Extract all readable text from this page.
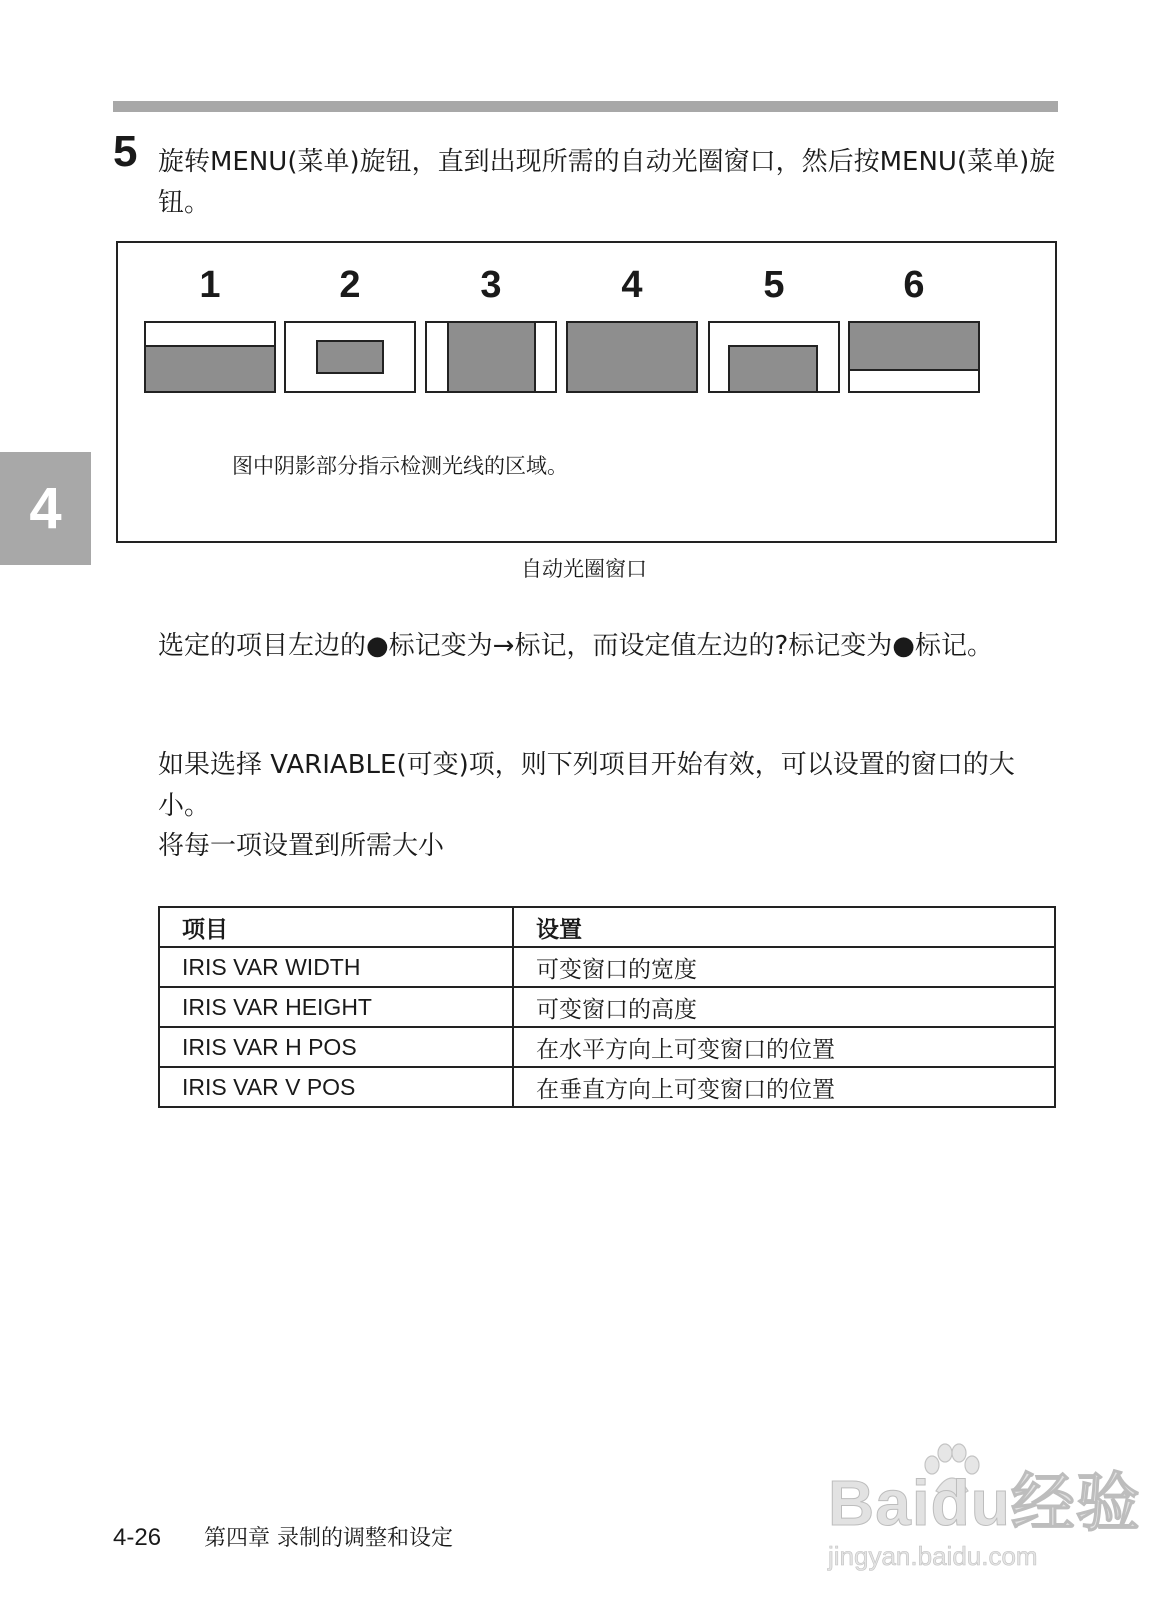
5 旋转MENU(菜单)旋钮，直到出现所需的自动光圈窗口，然后按MENU(菜单)旋钮。
1	2	3	4	5	6
图中阴影部分指示检测光线的区域。
自动光圈窗口
选定的项目左边的●标记变为→标记，而设定值左边的?标记变为●标记。
如果选择 VARIABLE(可变)项，则下列项目开始有效，可以设置的窗口的大小。
将每一项设置到所需大小
项目	设置
IRIS VAR WIDTH	可变窗口的宽度
IRIS VAR HEIGHT	可变窗口的高度
IRIS VAR H POS	在水平方向上可变窗口的位置
IRIS VAR V POS	在垂直方向上可变窗口的位置
4
4-26 第四章 录制的调整和设定	Baidu经验
jingyan.baidu.com
